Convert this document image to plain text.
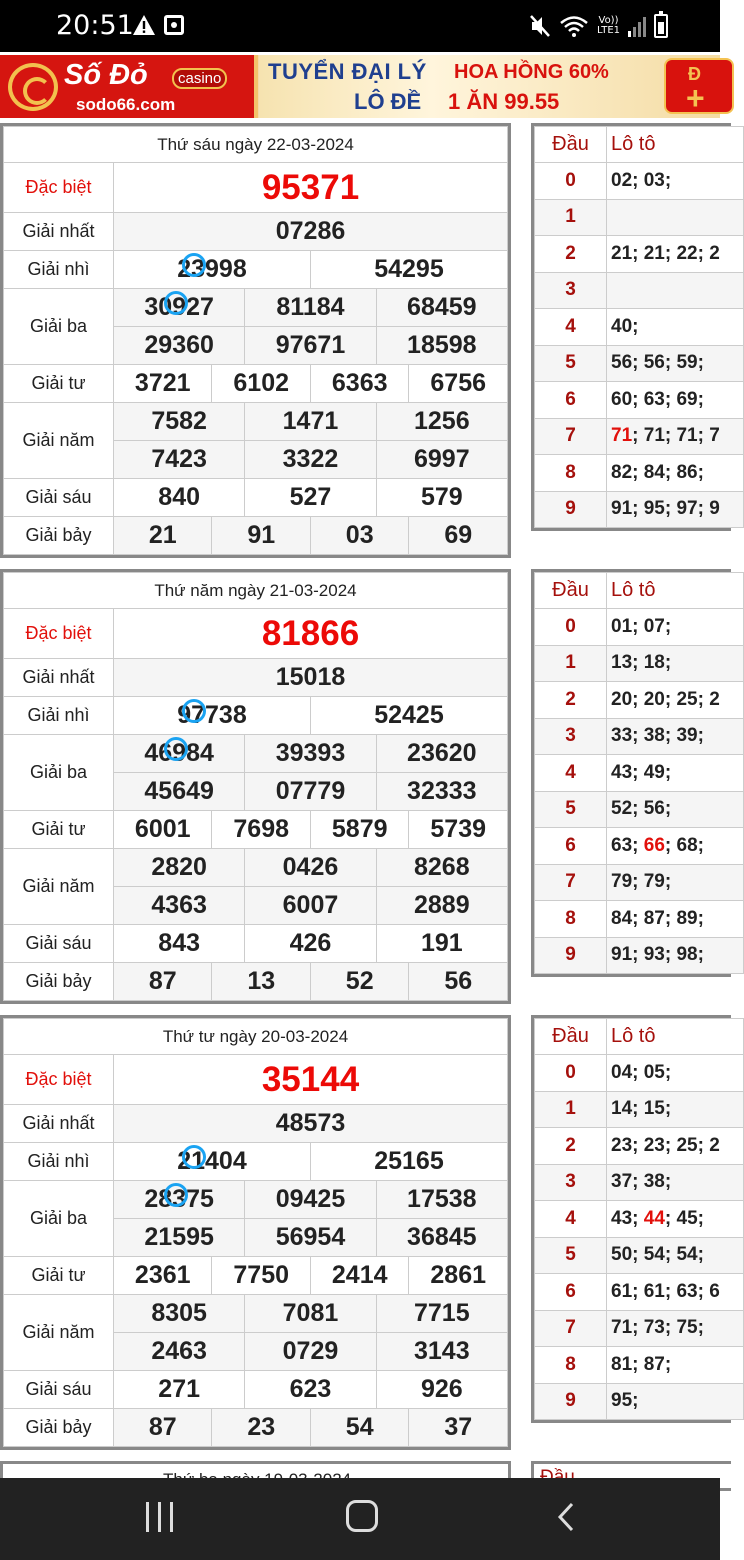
20:51	Vo))
LTE1
Số Đỏ	casino
sodo66.com
TUYỂN ĐẠI LÝ HOA HỒNG 60%
LÔ ĐỀ 1 ĂN 99.55
Đ
+
Thứ sáu ngày 22-03-2024						
Đặc biệt	95371					
Giải nhất	07286					
Giải nhì	23998			54295		
Giải ba	30927		81184		68459	
	29360		97671		18598	
Giải tư	3721	6102		6363		6756
Giải năm	7582		1471		1256	
	7423		3322		6997	
Giải sáu	840		527		579	
Giải bảy	21	91		03		69
Đầu	Lô tô
0	02; 03;
1	
2	21; 21; 22; 2
3	
4	40;
5	56; 56; 59;
6	60; 63; 69;
7	71; 71; 71; 7
8	82; 84; 86;
9	91; 95; 97; 9
Thứ năm ngày 21-03-2024						
Đặc biệt	81866					
Giải nhất	15018					
Giải nhì	97738			52425		
Giải ba	46984		39393		23620	
	45649		07779		32333	
Giải tư	6001	7698		5879		5739
Giải năm	2820		0426		8268	
	4363		6007		2889	
Giải sáu	843		426		191	
Giải bảy	87	13		52		56
Đầu	Lô tô
0	01; 07;
1	13; 18;
2	20; 20; 25; 2
3	33; 38; 39;
4	43; 49;
5	52; 56;
6	63; 66; 68;
7	79; 79;
8	84; 87; 89;
9	91; 93; 98;
Thứ tư ngày 20-03-2024						
Đặc biệt	35144					
Giải nhất	48573					
Giải nhì	21404			25165		
Giải ba	28375		09425		17538	
	21595		56954		36845	
Giải tư	2361	7750		2414		2861
Giải năm	8305		7081		7715	
	2463		0729		3143	
Giải sáu	271		623		926	
Giải bảy	87	23		54		37
Đầu	Lô tô
0	04; 05;
1	14; 15;
2	23; 23; 25; 2
3	37; 38;
4	43; 44; 45;
5	50; 54; 54;
6	61; 61; 63; 6
7	71; 73; 75;
8	81; 87;
9	95;
